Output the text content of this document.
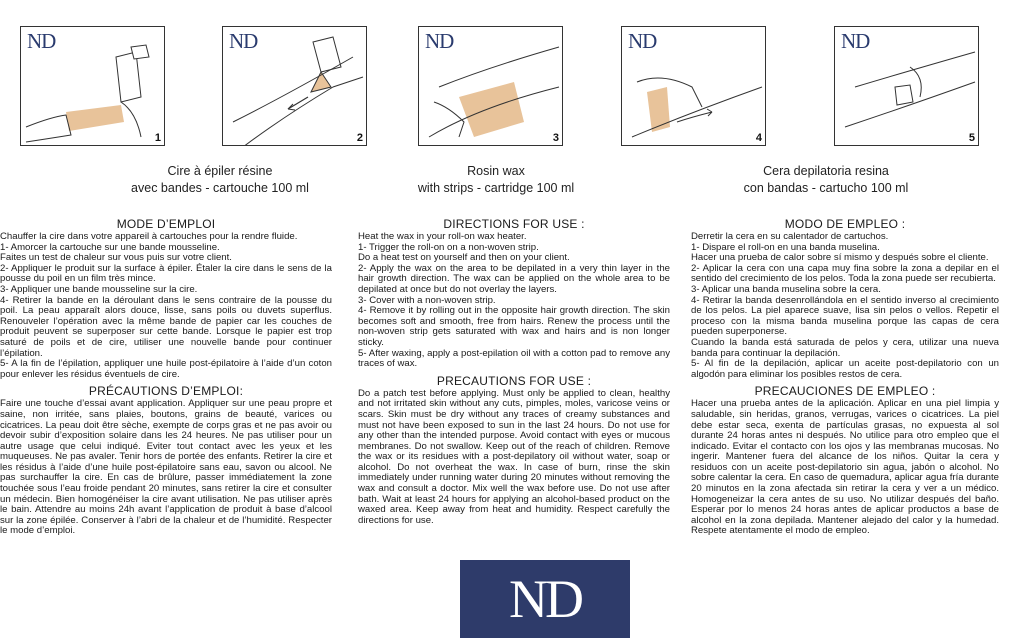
ND
1
ND
2
ND
3
ND
4
ND
5
Cire à épiler résine
avec bandes - cartouche 100 ml
Rosin wax
with strips - cartridge 100 ml
Cera depilatoria resina
con bandas - cartucho 100 ml
MODE D’EMPLOI

Chauffer la cire dans votre appareil à cartouches pour la rendre fluide.
1- Amorcer la cartouche sur une bande mousseline.
Faites un test de chaleur sur vous puis sur votre client.
2- Appliquer le produit sur la surface à épiler. Étaler la cire dans le sens de la pousse du poil en un film très mince.
3- Appliquer une bande mousseline sur la cire.
4- Retirer la bande en la déroulant dans le sens contraire de la pousse du poil. La peau apparaît alors douce, lisse, sans poils ou duvets superflus. Renouveler l’opération avec la même bande de papier car les couches de produit peuvent se superposer sur cette bande. Lorsque le papier est trop saturé de poils et de cire, utiliser une nouvelle bande pour continuer l’épilation.
5- A la fin de l’épilation, appliquer une huile post-épilatoire à l’aide d’un coton pour enlever les résidus éventuels de cire.

PRÉCAUTIONS D’EMPLOI:

Faire une touche d’essai avant application. Appliquer sur une peau propre et saine, non irritée, sans plaies, boutons, grains de beauté, varices ou cicatrices. La peau doit être sèche, exempte de corps gras et ne pas avoir ou devoir subir d’exposition solaire dans les 24 heures. Ne pas utiliser pour un autre usage que celui indiqué. Eviter tout contact avec les yeux et les muqueuses. Ne pas avaler. Tenir hors de portée des enfants. Retirer la cire et les résidus à l’aide d’une huile post-épilatoire sans eau, savon ou alcool. Ne pas surchauffer la cire. En cas de brûlure, passer immédiatement la zone touchée sous l’eau froide pendant 20 minutes, sans retirer la cire et consulter un médecin. Bien homogénéiser la cire avant utilisation. Ne pas utiliser après le bain. Attendre au moins 24h avant l’application de produit à base d’alcool sur la zone épilée. Conserver à l’abri de la chaleur et de l’humidité. Respecter le mode d’emploi.

DIRECTIONS FOR USE :

Heat the wax in your roll-on wax heater.
1- Trigger the roll-on on a non-woven strip.
Do a heat test on yourself and then on your client.
2- Apply the wax on the area to be depilated in a very thin layer in the hair growth direction. The wax can be applied on the whole area to be depilated at once but do not overlay the layers.
3- Cover with a non-woven strip.
4- Remove it by rolling out in the opposite hair growth direction. The skin becomes soft and smooth, free from hairs. Renew the process until the non-woven strip gets saturated with wax and hairs and is non longer sticky.
5- After waxing, apply a post-epilation oil with a cotton pad to remove any traces of wax.

PRECAUTIONS FOR USE :

Do a patch test before applying. Must only be applied to clean, healthy and not irritated skin without any cuts, pimples, moles, varicose veins or scars. Skin must be dry without any traces of creamy substances and must not have been exposed to sun in the last 24 hours. Do not use for any other than the intended purpose. Avoid contact with eyes or mucous membranes. Do not swallow. Keep out of the reach of children. Remove the wax or its residues with a post-depilatory oil without water, soap or alcohol. Do not overheat the wax. In case of burn, rinse the skin immediately under running water during 20 minutes without removing the wax and consult a doctor. Mix well the wax before use. Do not use after bath. Wait at least 24 hours for applying an alcohol-based product on the waxed area. Keep away from heat and humidity. Respect carefully the directions for use.

MODO DE EMPLEO :

Derretir la cera en su calentador de cartuchos.
1- Dispare el roll-on en una banda muselina.
Hacer una prueba de calor sobre sí mismo y después sobre el cliente.
2- Aplicar la cera con una capa muy fina sobre la zona a depilar en el sentido del crecimiento de los pelos. Toda la zona puede ser recubierta.
3- Aplicar una banda muselina sobre la cera.
4- Retirar la banda desenrollándola en el sentido inverso al crecimiento de los pelos. La piel aparece suave, lisa sin pelos o vellos. Repetir el proceso con la misma banda muselina porque las capas de cera pueden superponerse.
Cuando la banda está saturada de pelos y cera, utilizar una nueva banda para continuar la depilación.
5- Al fin de la depilación, aplicar un aceite post-depilatorio con un algodón para eliminar los posibles restos de cera.

PRECAUCIONES DE EMPLEO :

Hacer una prueba antes de la aplicación. Aplicar en una piel limpia y saludable, sin heridas, granos, verrugas, varices o cicatrices. La piel debe estar seca, exenta de partículas grasas, no expuesta al sol durante 24 horas antes ni después. No utilice para otro empleo que el indicado. Evitar el contacto con los ojos y las membranas mucosas. No ingerir. Mantener fuera del alcance de los niños. Quitar la cera y residuos con un aceite post-depilatorio sin agua, jabón o alcohol. No sobre calentar la cera. En caso de quemadura, aplicar agua fría durante 20 minutos en la zona afectada sin retirar la cera y ver a un médico. Homogeneizar la cera antes de su uso. No utilizar después del baño. Esperar por lo menos 24 horas antes de aplicar productos a base de alcohol en la zona depilada. Mantener alejado del calor y la humedad. Respete atentamente el modo de empleo.

ND
